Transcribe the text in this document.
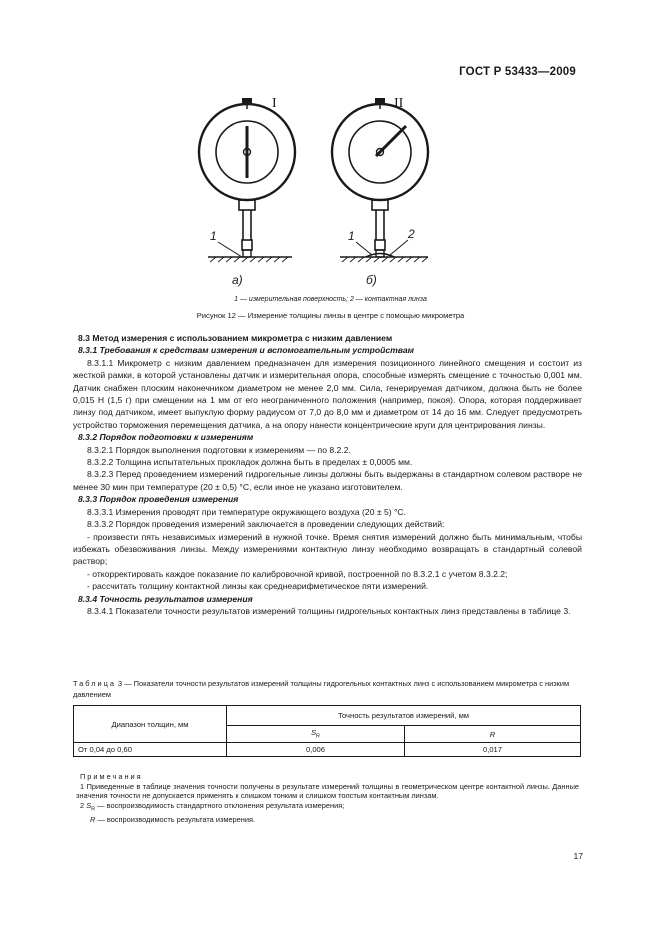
ГОСТ Р 53433—2009
I	II
1	1	2
а)	б)
1 — измерительная поверхность; 2 — контактная линза
Рисунок 12 — Измерение толщины линзы в центре с помощью микрометра

8.3 Метод измерения с использованием микрометра с низким давлением

8.3.1 Требования к средствам измерения и вспомогательным устройствам

8.3.1.1 Микрометр с низким давлением предназначен для измерения позиционного линейного смещения и состоит из жесткой рамки, в которой установлены датчик и измерительная опора, способные измерять смещение с точностью 0,001 мм. Датчик снабжен плоским наконечником диаметром не менее 2,0 мм. Сила, генерируемая датчиком, должна быть не более 0,015 Н (1,5 г) при смещении на 1 мм от его неограниченного положения (например, покоя). Опора, которая поддерживает линзу под датчиком, имеет выпуклую форму радиусом от 7,0 до 8,0 мм и диаметром от 14 до 16 мм. Следует предусмотреть устройство торможения перемещения датчика, а на опору нанести концентрические круги для центрирования линзы.

8.3.2 Порядок подготовки к измерениям

8.3.2.1 Порядок выполнения подготовки к измерениям — по 8.2.2.

8.3.2.2 Толщина испытательных прокладок должна быть в пределах ± 0,0005 мм.

8.3.2.3 Перед проведением измерений гидрогельные линзы должны быть выдержаны в стандартном солевом растворе не менее 30 мин при температуре (20 ± 0,5) °С, если иное не указано изготовителем.

8.3.3 Порядок проведения измерения

8.3.3.1 Измерения проводят при температуре окружающего воздуха (20 ± 5) °С.

8.3.3.2 Порядок проведения измерений заключается в проведении следующих действий:

- произвести пять независимых измерений в нужной точке. Время снятия измерений должно быть минимальным, чтобы избежать обезвоживания линзы. Между измерениями контактную линзу необходимо возвращать в стандартный солевой раствор;

- откорректировать каждое показание по калибровочной кривой, построенной по 8.3.2.1 с учетом 8.3.2.2;

- рассчитать толщину контактной линзы как среднеарифметическое пяти измерений.

8.3.4 Точность результатов измерения

8.3.4.1 Показатели точности результатов измерений толщины гидрогельных контактных линз представлены в таблице 3.

Таблица 3 — Показатели точности результатов измерений толщины гидрогельных контактных линз с использованием микрометра с низким давлением
Диапазон толщин, мм	Точность результатов измерений, мм	
	$S_R$	R
От 0,04 до 0,60	0,006	0,017

Примечания

1 Приведенные в таблице значения точности получены в результате измерений толщины в геометрическом центре контактной линзы. Данные значения точности не допускается применять к слишком тонким и слишком толстым контактным линзам.

2 $S_R$ — воспроизводимость стандартного отклонения результата измерения;

R — воспроизводимость результата измерения.

17
